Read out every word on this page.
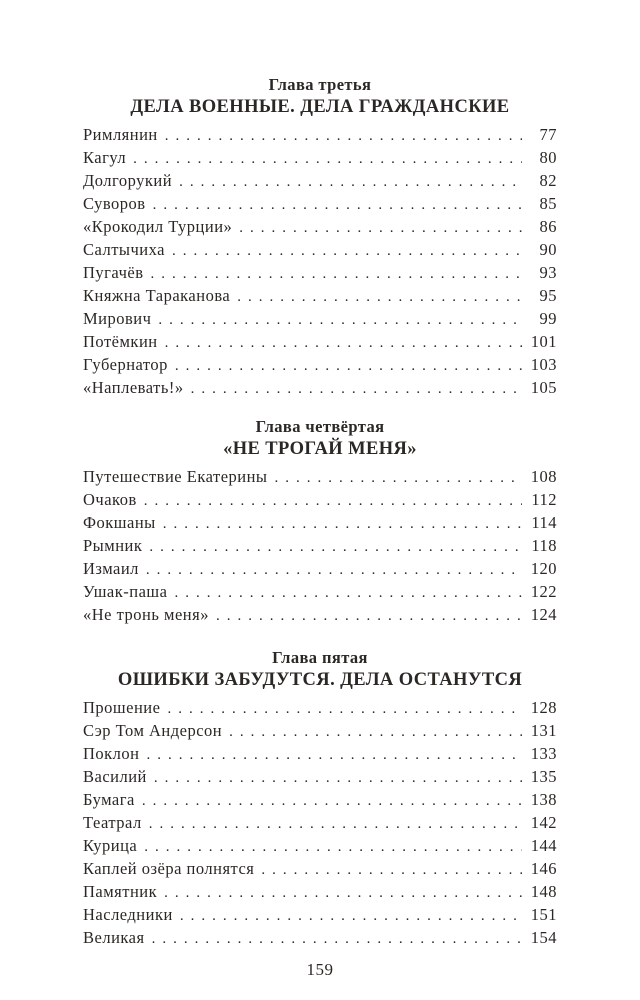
Глава третья
ДЕЛА ВОЕННЫЕ. ДЕЛА ГРАЖДАНСКИЕ
Римлянин .....	77
Кагул .....	80
Долгорукий .....	82
Суворов .....	85
«Крокодил Турции» .....	86
Салтычиха .....	90
Пугачёв .....	93
Княжна Тараканова .....	95
Мирович .....	99
Потёмкин .....	101
Губернатор .....	103
«Наплевать!» .....	105
Глава четвёртая
«НЕ ТРОГАЙ МЕНЯ»
Путешествие Екатерины .....	108
Очаков .....	112
Фокшаны .....	114
Рымник .....	118
Измаил .....	120
Ушак-паша .....	122
«Не тронь меня» .....	124
Глава пятая
ОШИБКИ ЗАБУДУТСЯ. ДЕЛА ОСТАНУТСЯ
Прошение .....	128
Сэр Том Андерсон .....	131
Поклон .....	133
Василий .....	135
Бумага .....	138
Театрал .....	142
Курица .....	144
Каплей озёра полнятся .....	146
Памятник .....	148
Наследники .....	151
Великая .....	154
159
